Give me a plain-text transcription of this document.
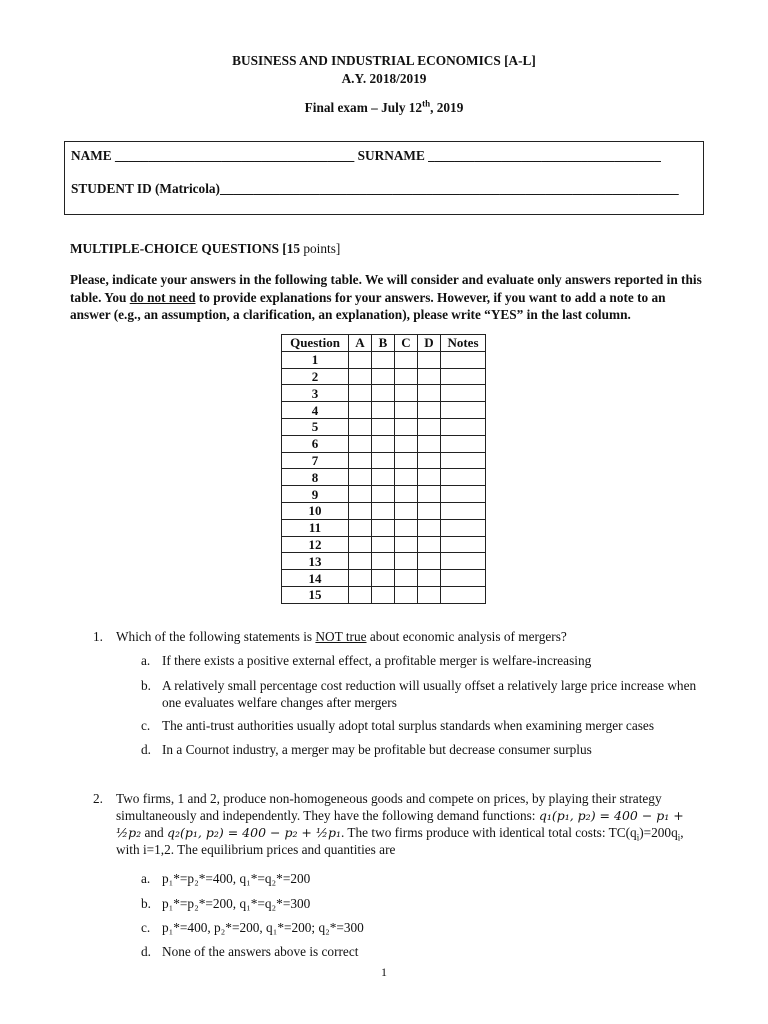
BUSINESS AND INDUSTRIAL ECONOMICS [A-L]
A.Y. 2018/2019
Final exam – July 12th, 2019
NAME ____________________________________ SURNAME ___________________________________
STUDENT ID (Matricola)_____________________________________________________________________
MULTIPLE-CHOICE QUESTIONS [15 points]
Please, indicate your answers in the following table. We will consider and evaluate only answers reported in this table. You do not need to provide explanations for your answers. However, if you want to add a note to an answer (e.g., an assumption, a clarification, an explanation), please write “YES” in the last column.
Question	A	B	C	D	Notes
1					
2					
3					
4					
5					
6					
7					
8					
9					
10					
11					
12					
13					
14					
15					
1. Which of the following statements is NOT true about economic analysis of mergers?
a. If there exists a positive external effect, a profitable merger is welfare-increasing
b. A relatively small percentage cost reduction will usually offset a relatively large price increase when one evaluates welfare changes after mergers
c. The anti-trust authorities usually adopt total surplus standards when examining merger cases
d. In a Cournot industry, a merger may be profitable but decrease consumer surplus
2. Two firms, 1 and 2, produce non-homogeneous goods and compete on prices, by playing their strategy
simultaneously and independently. They have the following demand functions: q₁(p₁, p₂) = 400 − p₁ +
½p₂ and q₂(p₁, p₂) = 400 − p₂ + ½p₁. The two firms produce with identical total costs: $TC(q_i)=200q_i$,
with i=1,2. The equilibrium prices and quantities are
a. p₁*=p₂*=400, q₁*=q₂*=200
b. p₁*=p₂*=200, q₁*=q₂*=300
c. p₁*=400, p₂*=200, q₁*=200; q₂*=300
d. None of the answers above is correct
1
